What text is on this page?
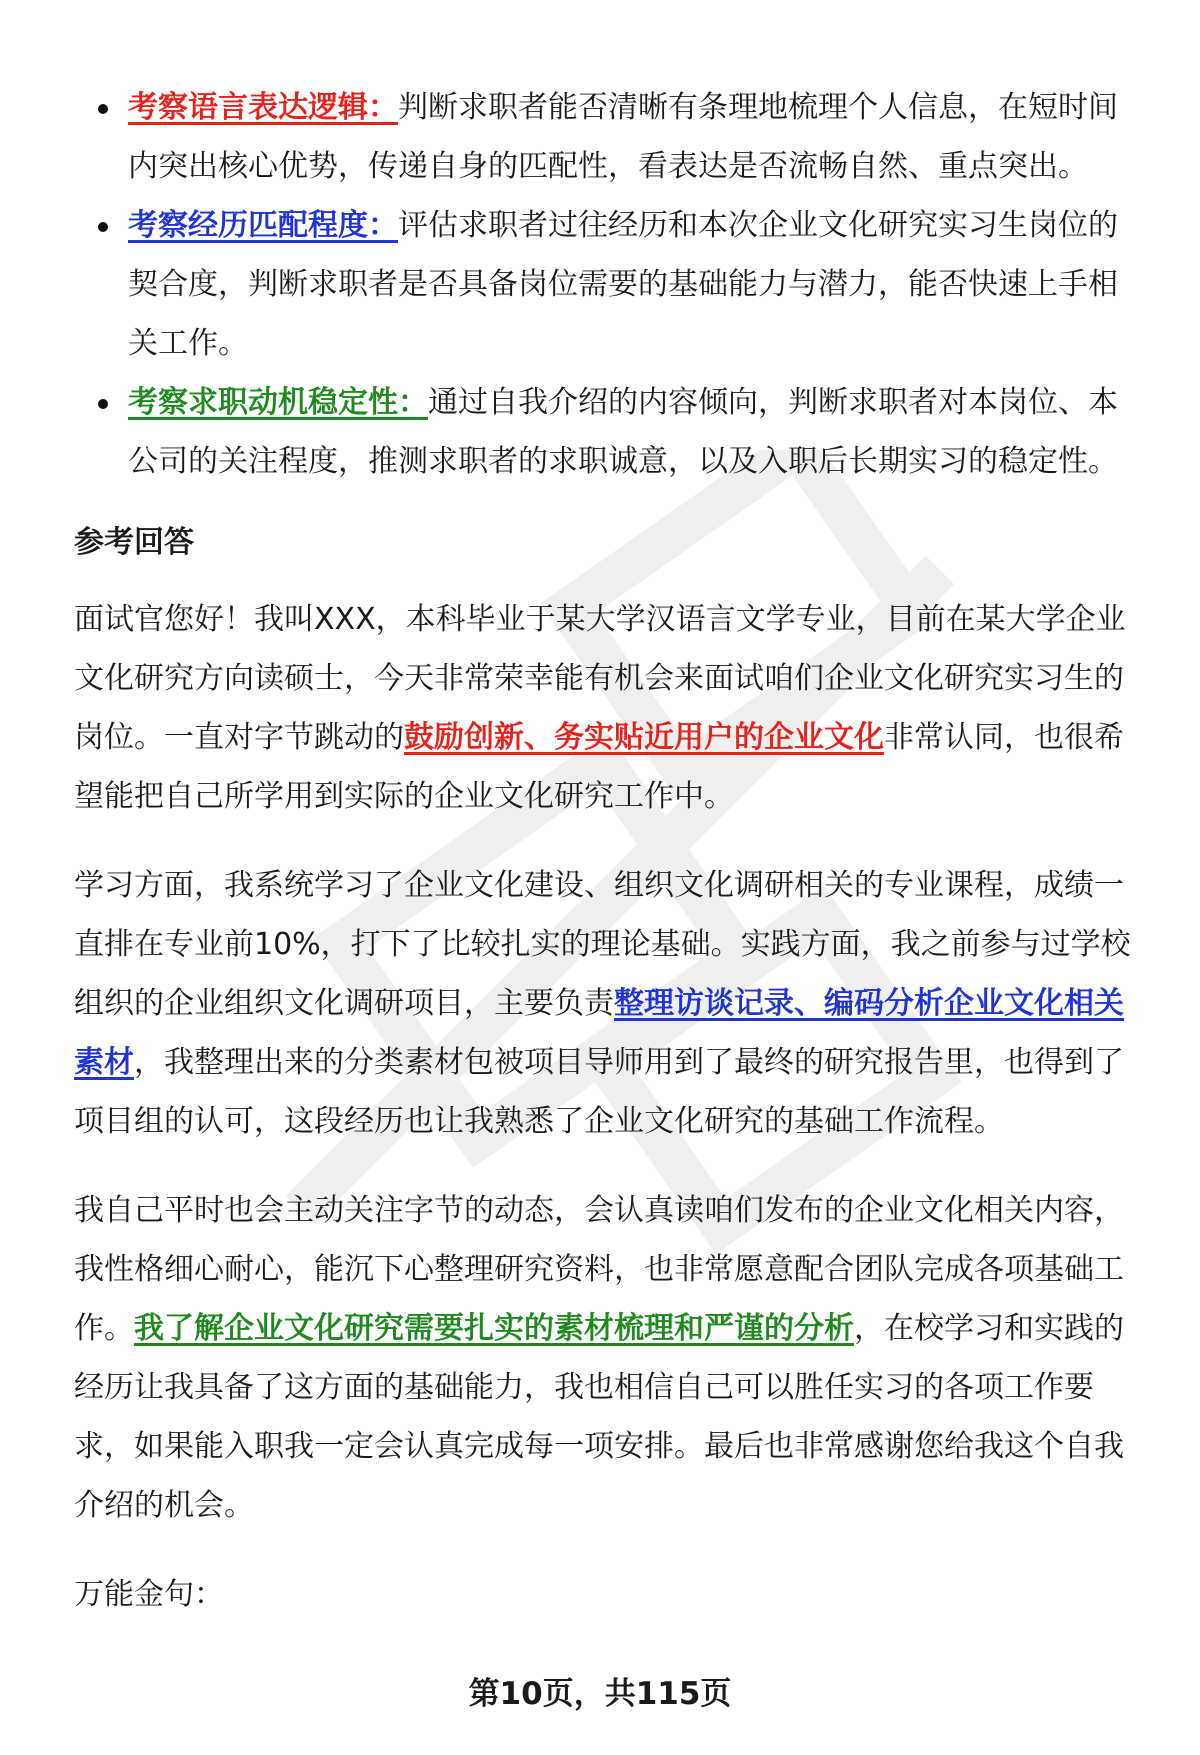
考察语言表达逻辑：判断求职者能否清晰有条理地梳理个人信息，在短时间内突出核心优势，传递自身的匹配性，看表达是否流畅自然、重点突出。
考察经历匹配程度：评估求职者过往经历和本次企业文化研究实习生岗位的契合度，判断求职者是否具备岗位需要的基础能力与潜力，能否快速上手相关工作。
考察求职动机稳定性：通过自我介绍的内容倾向，判断求职者对本岗位、本公司的关注程度，推测求职者的求职诚意，以及入职后长期实习的稳定性。
参考回答

面试官您好！我叫XXX，本科毕业于某大学汉语言文学专业，目前在某大学企业文化研究方向读硕士，今天非常荣幸能有机会来面试咱们企业文化研究实习生的岗位。一直对字节跳动的鼓励创新、务实贴近用户的企业文化非常认同，也很希望能把自己所学用到实际的企业文化研究工作中。

学习方面，我系统学习了企业文化建设、组织文化调研相关的专业课程，成绩一直排在专业前10%，打下了比较扎实的理论基础。实践方面，我之前参与过学校组织的企业组织文化调研项目，主要负责整理访谈记录、编码分析企业文化相关素材，我整理出来的分类素材包被项目导师用到了最终的研究报告里，也得到了项目组的认可，这段经历也让我熟悉了企业文化研究的基础工作流程。

我自己平时也会主动关注字节的动态，会认真读咱们发布的企业文化相关内容，我性格细心耐心，能沉下心整理研究资料，也非常愿意配合团队完成各项基础工作。我了解企业文化研究需要扎实的素材梳理和严谨的分析，在校学习和实践的经历让我具备了这方面的基础能力，我也相信自己可以胜任实习的各项工作要求，如果能入职我一定会认真完成每一项安排。最后也非常感谢您给我这个自我介绍的机会。

万能金句：
第10页，共115页
